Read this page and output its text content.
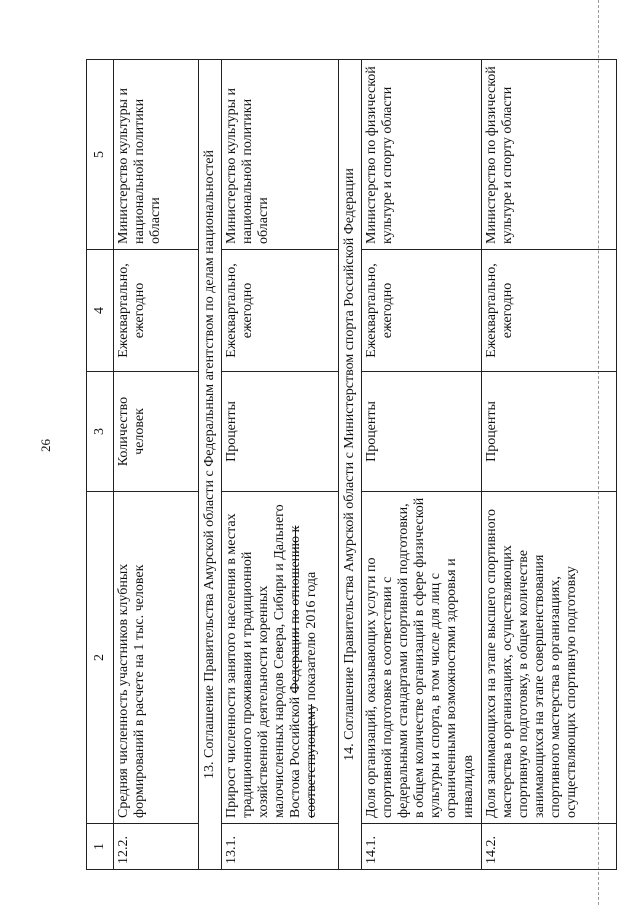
26
1	2	3	4	5
12.2.	Средняя численность участников клубных формирований в расчете на 1 тыс. человек	Количество человек	Ежеквартально, ежегодно	Министерство культуры и национальной политики области
13. Соглашение Правительства Амурской области с Федеральным агентством по делам национальностей				
13.1.	Прирост численности занятого населения в местах традиционного проживания и традиционной хозяйственной деятельности коренных малочисленных народов Севера, Сибири и Дальнего Востока Российской Федерации по отношению к соответствующему показателю 2016 года	Проценты	Ежеквартально, ежегодно	Министерство культуры и национальной политики области
14. Соглашение Правительства Амурской области с Министерством спорта Российской Федерации				
14.1.	Доля организаций, оказывающих услуги по спортивной подготовке в соответствии с федеральными стандартами спортивной подготовки, в общем количестве организаций в сфере физической культуры и спорта, в том числе для лиц с ограниченными возможностями здоровья и инвалидов	Проценты	Ежеквартально, ежегодно	Министерство по физической культуре и спорту области
14.2.	Доля занимающихся на этапе высшего спортивного мастерства в организациях, осуществляющих спортивную подготовку, в общем количестве занимающихся на этапе совершенствования спортивного мастерства в организациях, осуществляющих спортивную подготовку	Проценты	Ежеквартально, ежегодно	Министерство по физической культуре и спорту области
